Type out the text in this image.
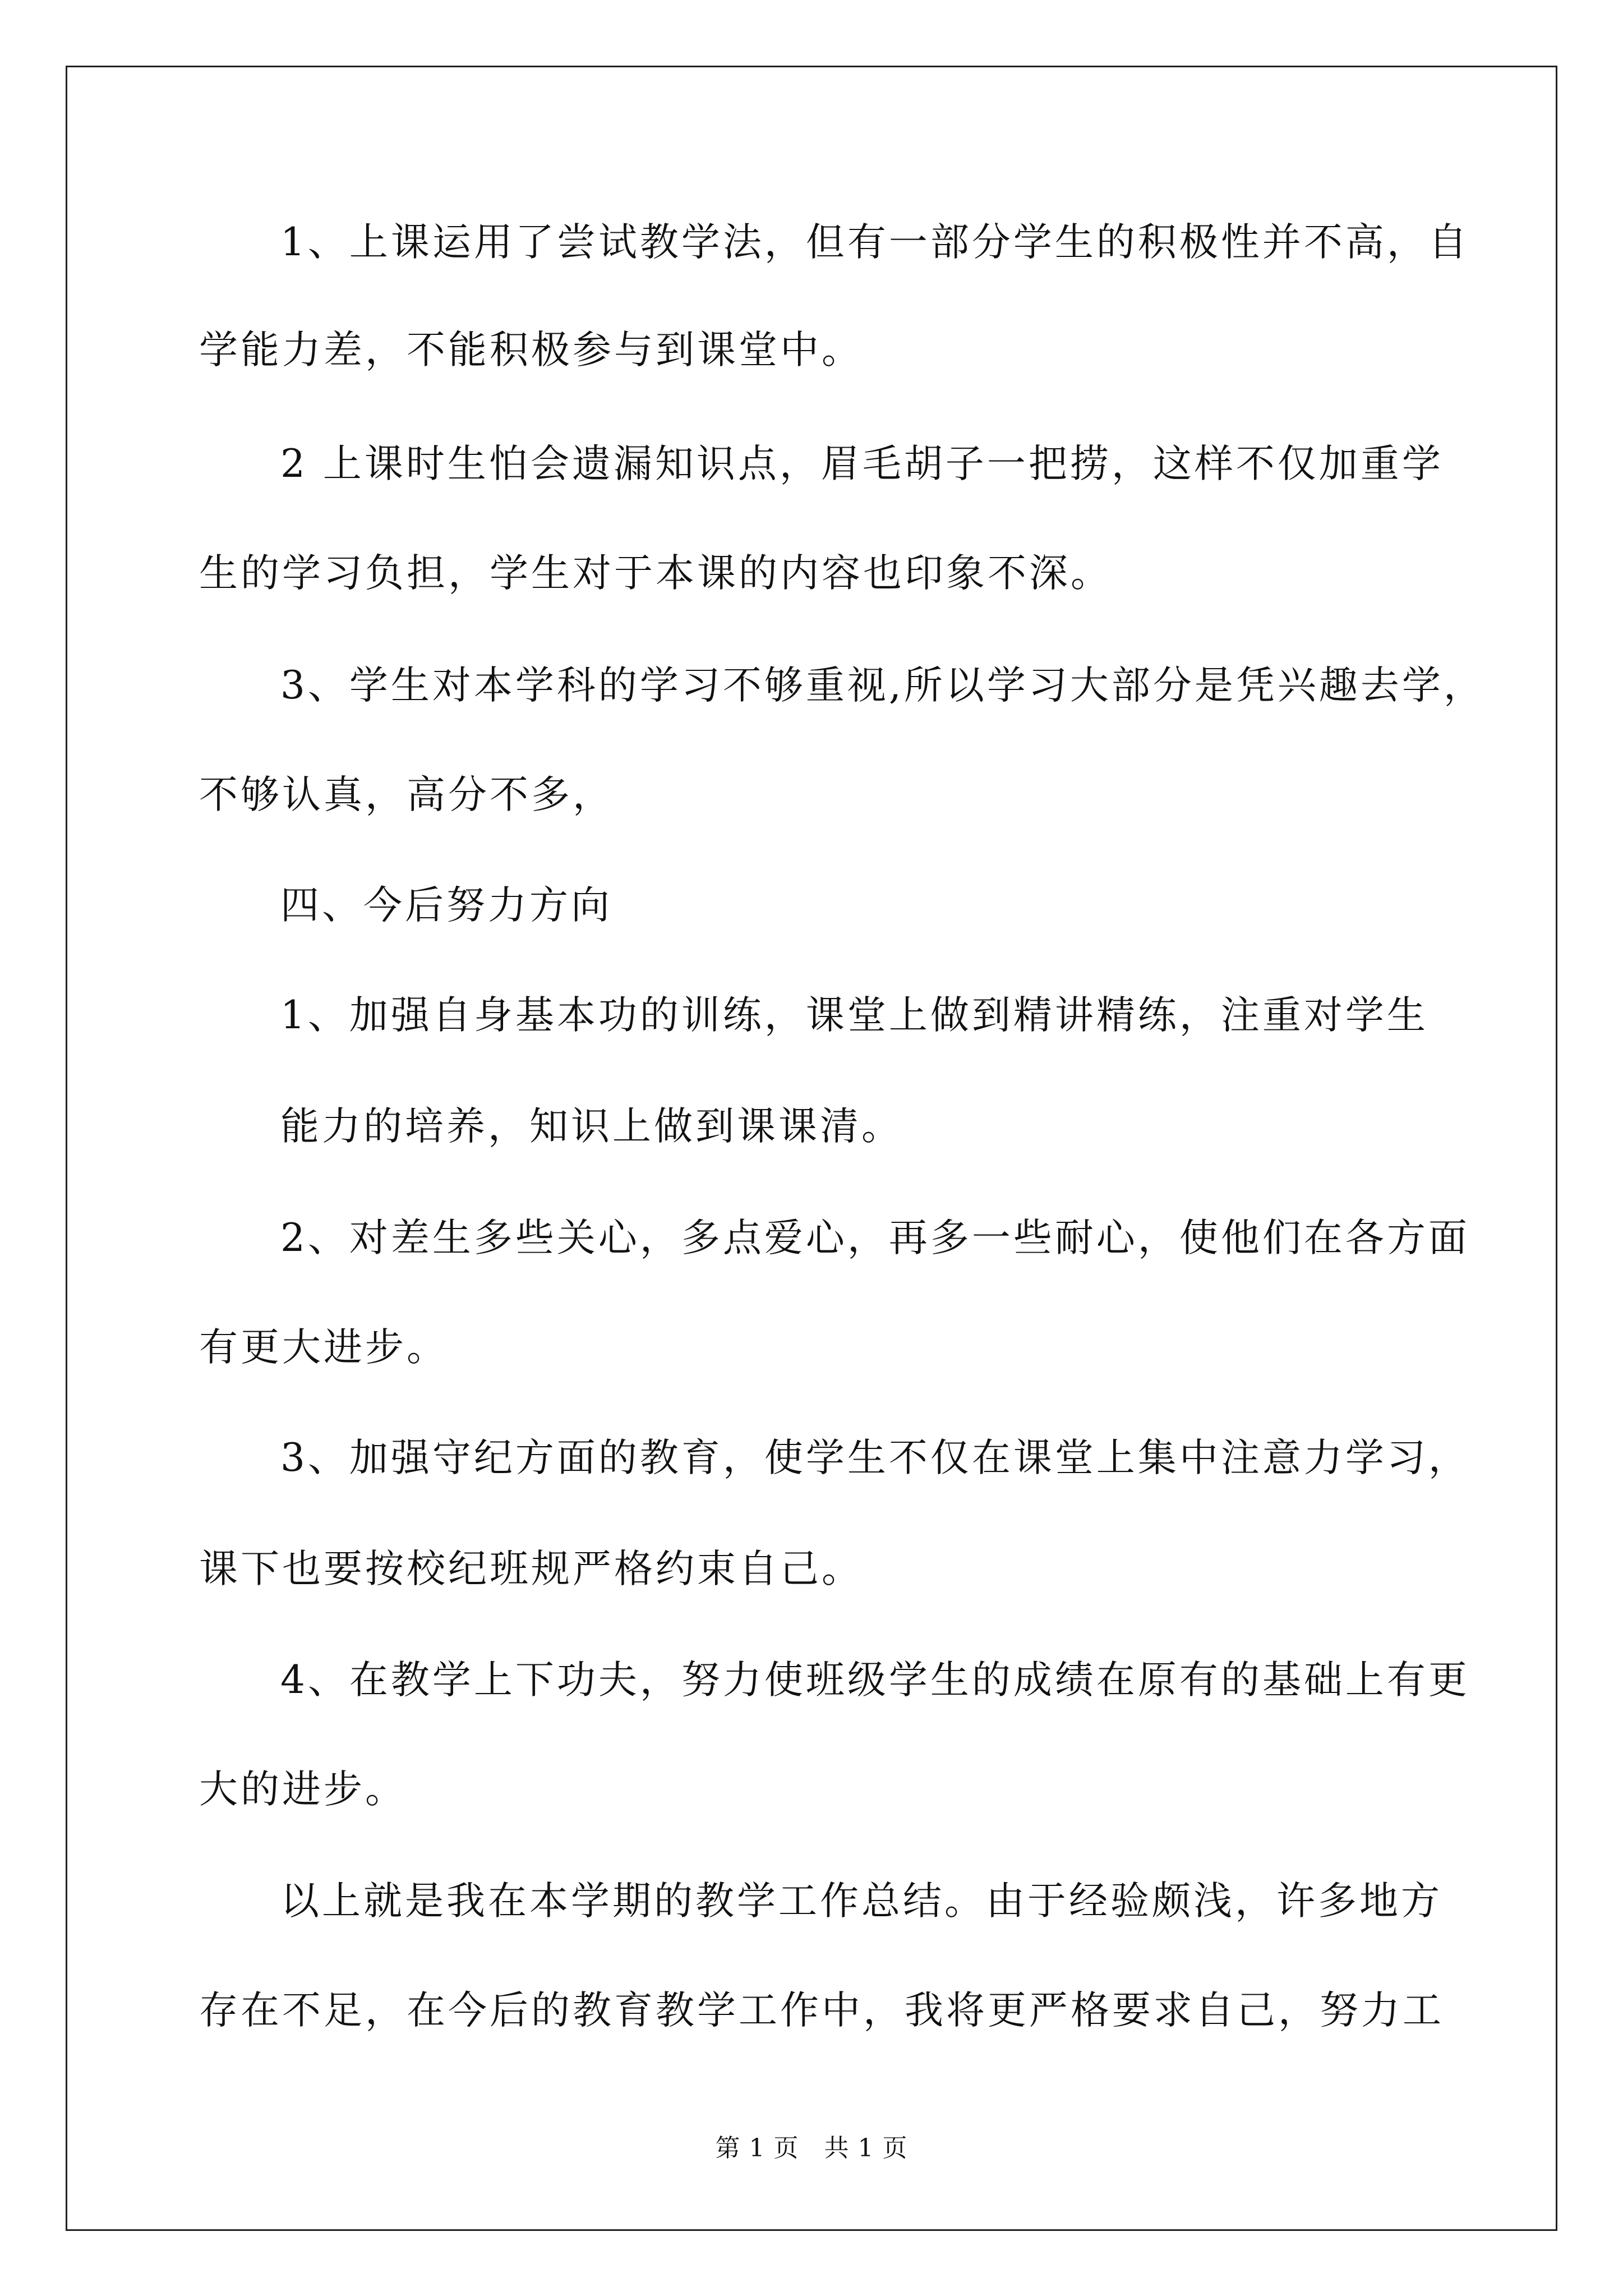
1、上课运用了尝试教学法，但有一部分学生的积极性并不高，自
学能力差，不能积极参与到课堂中。
2 上课时生怕会遗漏知识点，眉毛胡子一把捞，这样不仅加重学
生的学习负担，学生对于本课的内容也印象不深。
3、学生对本学科的学习不够重视,所以学习大部分是凭兴趣去学，
不够认真，高分不多，
四、今后努力方向
1、加强自身基本功的训练，课堂上做到精讲精练，注重对学生
能力的培养，知识上做到课课清。
2、对差生多些关心，多点爱心，再多一些耐心，使他们在各方面
有更大进步。
3、加强守纪方面的教育，使学生不仅在课堂上集中注意力学习，
课下也要按校纪班规严格约束自己。
4、在教学上下功夫，努力使班级学生的成绩在原有的基础上有更
大的进步。
以上就是我在本学期的教学工作总结。由于经验颇浅，许多地方
存在不足，在今后的教育教学工作中，我将更严格要求自己，努力工
第 1 页   共 1 页
